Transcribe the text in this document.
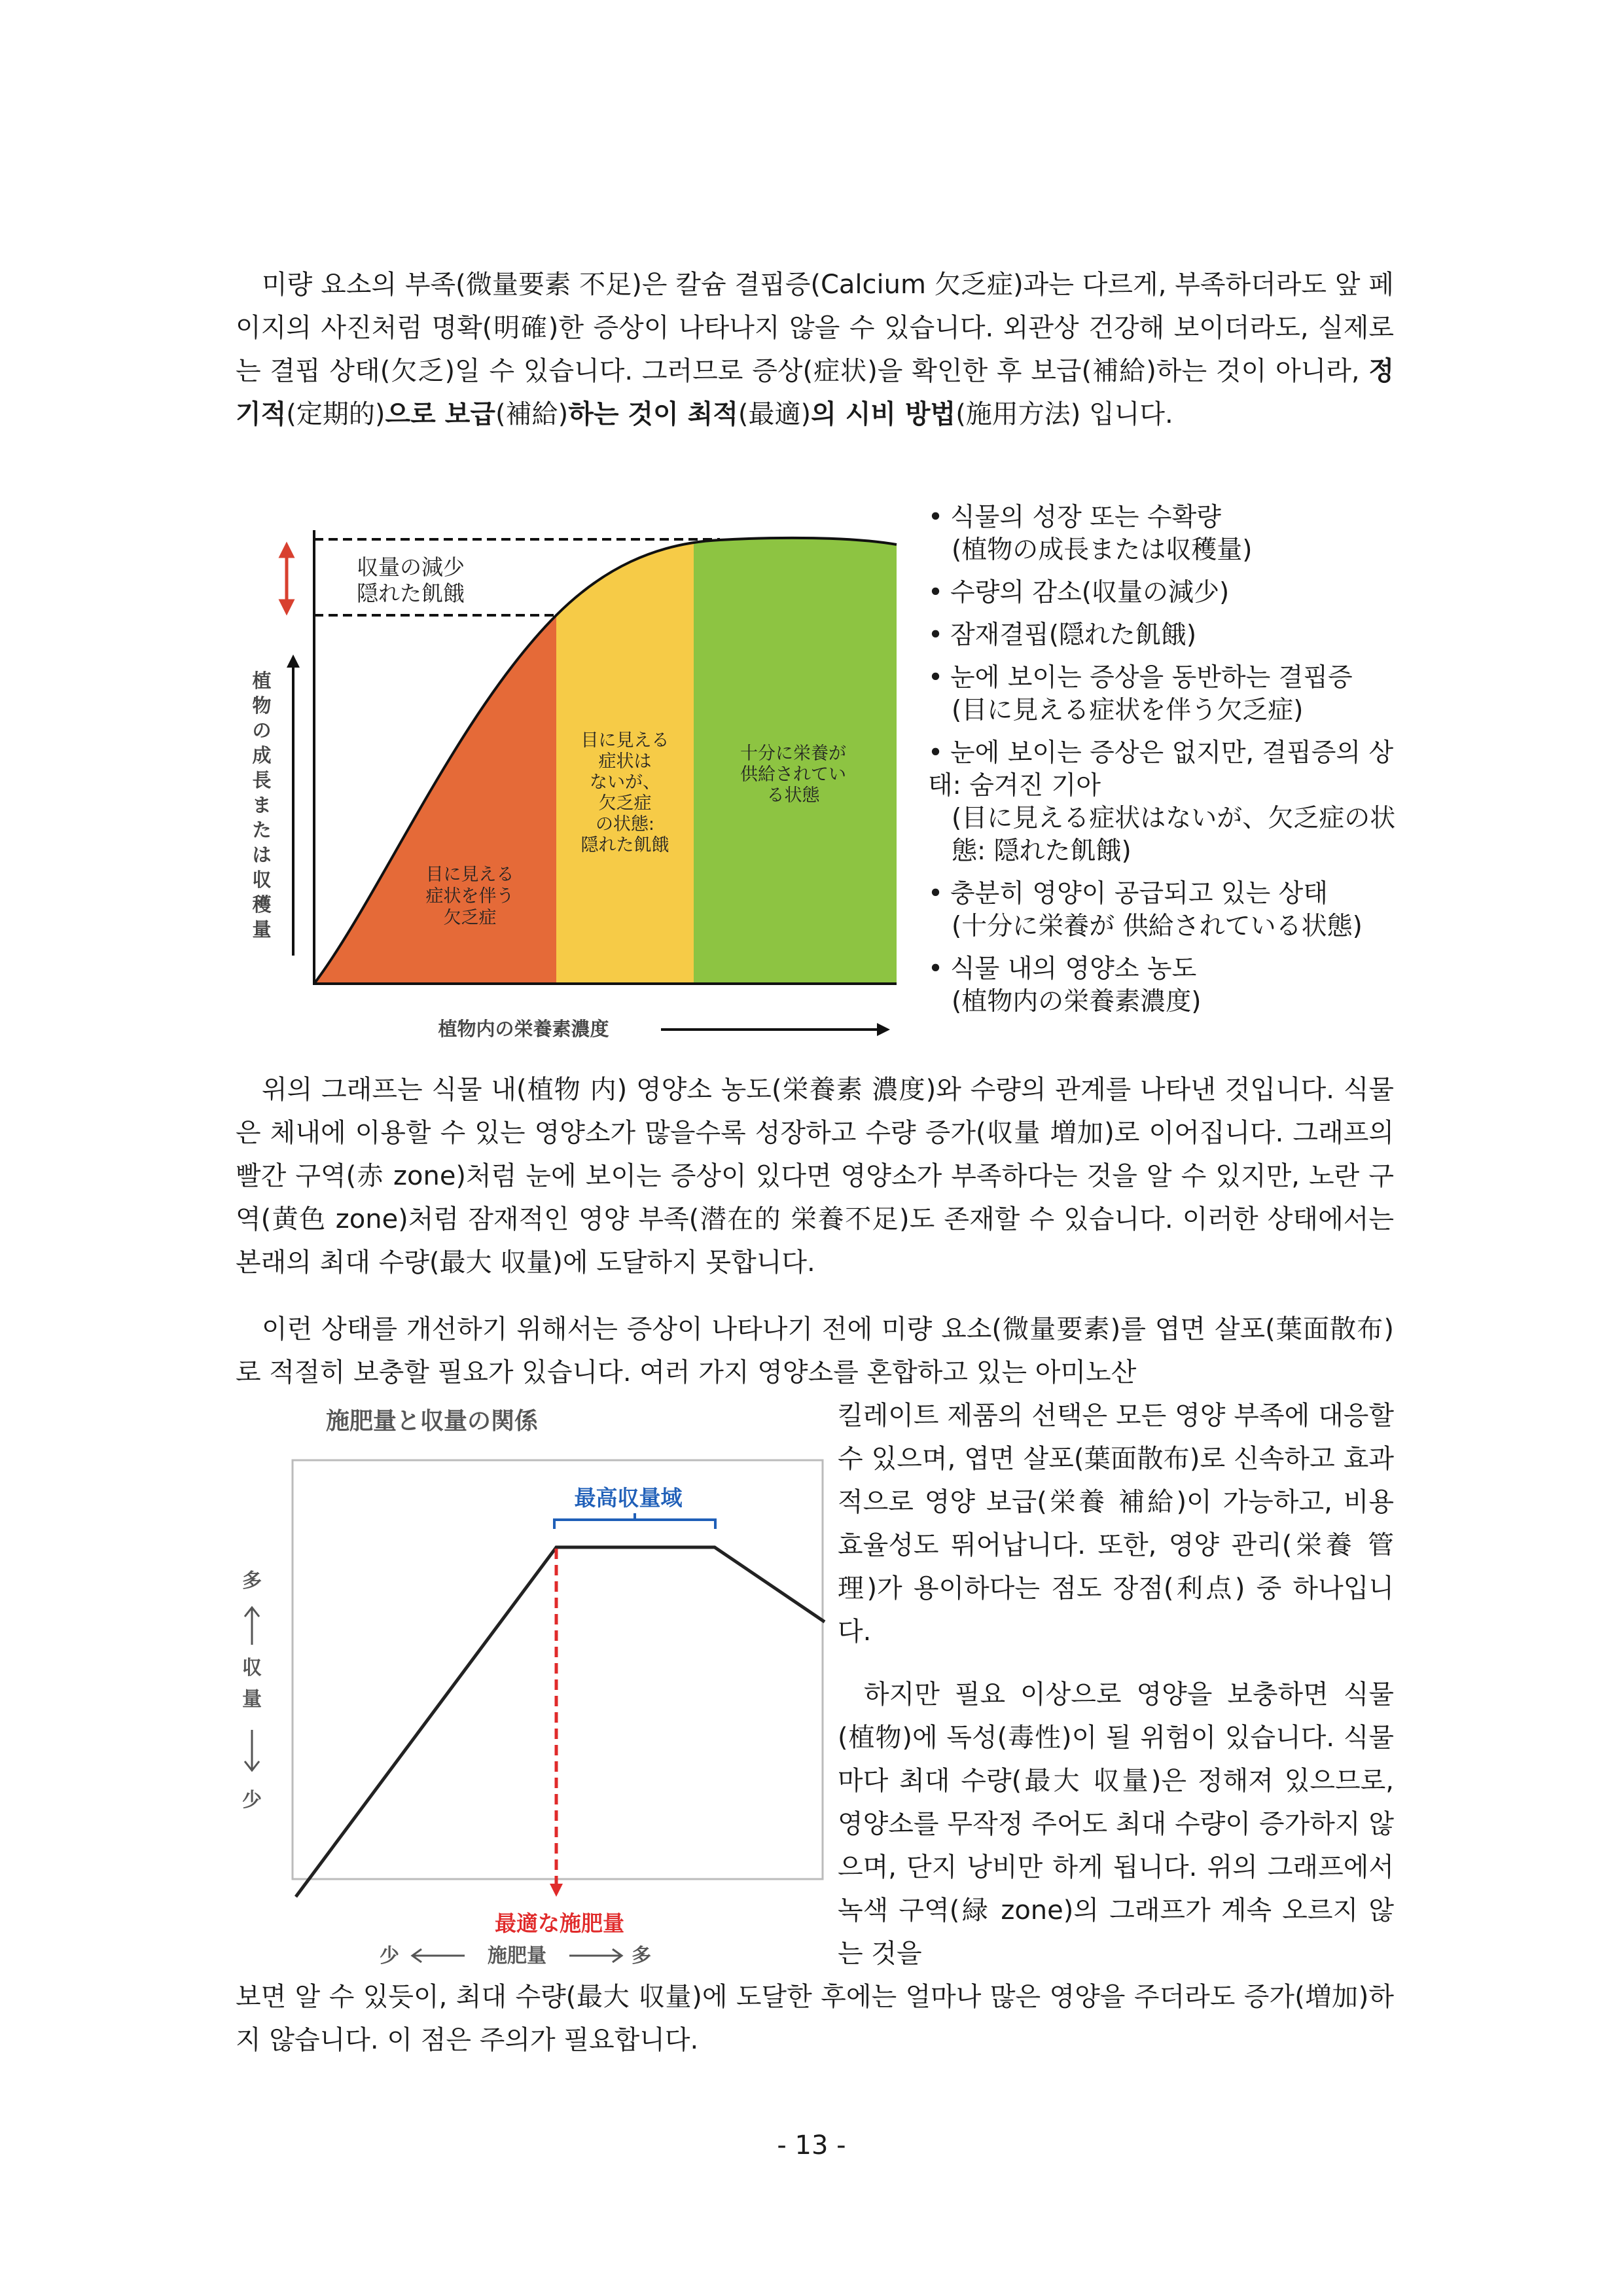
미량 요소의 부족(微量要素 不足)은 칼슘 결핍증(Calcium 欠乏症)과는 다르게, 부족하더라도 앞 페이지의 사진처럼 명확(明確)한 증상이 나타나지 않을 수 있습니다. 외관상 건강해 보이더라도, 실제로는 결핍 상태(欠乏)일 수 있습니다. 그러므로 증상(症状)을 확인한 후 보급(補給)하는 것이 아니라, 정기적(定期的)으로 보급(補給)하는 것이 최적(最適)의 시비 방법(施用方法) 입니다.

植
物
の
成
長
ま
た
は
収
穫
量
収量の減少
隠れた飢餓
目に見える
症状を伴う
欠乏症
目に見える
症状は
ないが、
欠乏症
の状態:
隠れた飢餓
十分に栄養が
供給されてい
る状態
植物内の栄養素濃度
• 식물의 성장 또는 수확량
(植物の成長または収穫量)
• 수량의 감소(収量の減少)
• 잠재결핍(隠れた飢餓)
• 눈에 보이는 증상을 동반하는 결핍증
(目に見える症状を伴う欠乏症)
• 눈에 보이는 증상은 없지만, 결핍증의 상태: 숨겨진 기아
(目に見える症状はないが、欠乏症の状態: 隠れた飢餓)
• 충분히 영양이 공급되고 있는 상태
(十分に栄養が 供給されている状態)
• 식물 내의 영양소 농도
(植物内の栄養素濃度)

위의 그래프는 식물 내(植物 内) 영양소 농도(栄養素 濃度)와 수량의 관계를 나타낸 것입니다. 식물은 체내에 이용할 수 있는 영양소가 많을수록 성장하고 수량 증가(収量 増加)로 이어집니다. 그래프의 빨간 구역(赤 zone)처럼 눈에 보이는 증상이 있다면 영양소가 부족하다는 것을 알 수 있지만, 노란 구역(黄色 zone)처럼 잠재적인 영양 부족(潜在的 栄養不足)도 존재할 수 있습니다. 이러한 상태에서는 본래의 최대 수량(最大 収量)에 도달하지 못합니다.

이런 상태를 개선하기 위해서는 증상이 나타나기 전에 미량 요소(微量要素)를 엽면 살포(葉面散布)로 적절히 보충할 필요가 있습니다. 여러 가지 영양소를 혼합하고 있는 아미노산

施肥量と収量の関係
最高収量域
最適な施肥量
多
収
量
少
少	施肥量	多

킬레이트 제품의 선택은 모든 영양 부족에 대응할 수 있으며, 엽면 살포(葉面散布)로 신속하고 효과적으로 영양 보급(栄養 補給)이 가능하고, 비용 효율성도 뛰어납니다. 또한, 영양 관리(栄養 管理)가 용이하다는 점도 장점(利点) 중 하나입니다.

하지만 필요 이상으로 영양을 보충하면 식물(植物)에 독성(毒性)이 될 위험이 있습니다. 식물마다 최대 수량(最大 収量)은 정해져 있으므로, 영양소를 무작정 주어도 최대 수량이 증가하지 않으며, 단지 낭비만 하게 됩니다. 위의 그래프에서 녹색 구역(緑 zone)의 그래프가 계속 오르지 않는 것을

보면 알 수 있듯이, 최대 수량(最大 収量)에 도달한 후에는 얼마나 많은 영양을 주더라도 증가(増加)하지 않습니다. 이 점은 주의가 필요합니다.

- 13 -
